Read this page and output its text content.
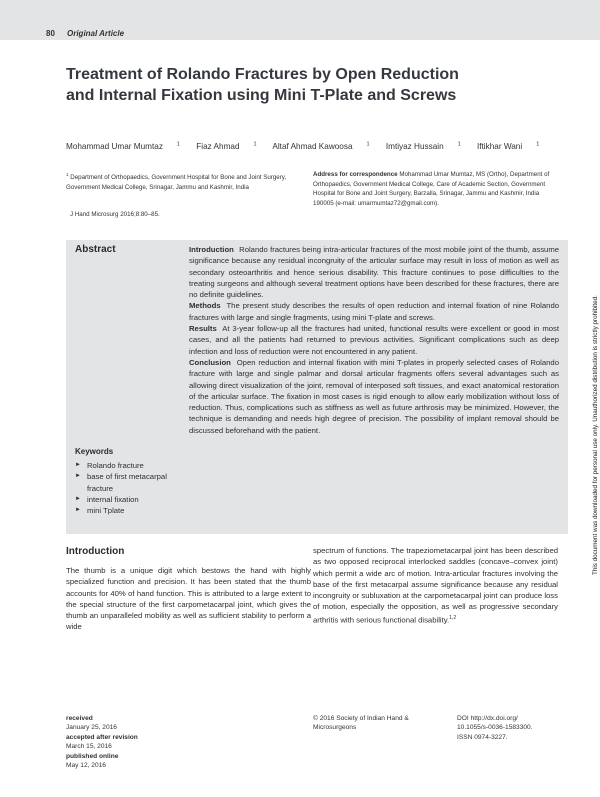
80 Original Article
Treatment of Rolando Fractures by Open Reduction and Internal Fixation using Mini T-Plate and Screws
Mohammad Umar Mumtaz	$^1$ Fiaz Ahmad	$^1$ Altaf Ahmad Kawoosa	$^1$ Imtiyaz Hussain	$^1$ Iftikhar Wani	$^1$
$^1$ Department of Orthopaedics, Government Hospital for Bone and Joint Surgery, Government Medical College, Srinagar, Jammu and Kashmir, India
J Hand Microsurg 2016;8:80–85.
Address for correspondence Mohammad Umar Mumtaz, MS (Ortho), Department of Orthopaedics, Government Medical College, Care of Academic Section, Government Hospital for Bone and Joint Surgery, Barzalla, Srinagar, Jammu and Kashmir, India 190005 (e-mail: umarmumtaz72@gmail.com).
Abstract	Introduction Rolando fractures being intra-articular fractures of the most mobile joint of the thumb, assume significance because any residual incongruity of the articular surface may result in loss of motion as well as secondary osteoarthritis and hence serious disability. This fracture continues to pose difficulties to the treating surgeons and although several treatment options have been described for these fractures, there are no definite guidelines.

Methods The present study describes the results of open reduction and internal fixation of nine Rolando fractures with large and single fragments, using mini T-plate and screws.

Results At 3-year follow-up all the fractures had united, functional results were excellent or good in most cases, and all the patients had returned to previous activities. Significant complications such as deep infection and loss of reduction were not encountered in any patient.

Conclusion Open reduction and internal fixation with mini T-plates in properly selected cases of Rolando fracture with large and single palmar and dorsal articular fragments offers several advantages such as allowing direct visualization of the joint, removal of interposed soft tissues, and exact anatomical restoration of the articular surface. The fixation in most cases is rigid enough to allow early mobilization without loss of reduction. Thus, complications such as stiffness as well as future arthrosis may be minimized. However, the technique is demanding and needs high degree of precision. The possibility of implant removal should be discussed beforehand with the patient.

Keywords
► Rolando fracture
► base of first metacarpal fracture
► internal fixation
► mini Tplate	This document was downloaded for personal use only. Unauthorized distribution is strictly prohibited.
Introduction
The thumb is a unique digit which bestows the hand with highly specialized function and precision. It has been stated that the thumb accounts for 40% of hand function. This is attributed to a large extent to the special structure of the first carpometacarpal joint, which gives the thumb an unparalleled mobility as well as sufficient stability to perform a wide
spectrum of functions. The trapeziometacarpal joint has been described as two opposed reciprocal interlocked saddles (concave–convex joint) which permit a wide arc of motion. Intra-articular fractures involving the base of the first metacarpal assume significance because any residual incongruity or subluxation at the carpometacarpal joint can produce loss of motion, especially the opposition, as well as progressive secondary arthritis with serious functional disability.$^{1,2}$
received
January 25, 2016
accepted after revision
March 15, 2016
published online
May 12, 2016
© 2016 Society of Indian Hand & Microsurgeons
DOI http://dx.doi.org/
10.1055/s-0036-1583300.
ISSN 0974-3227.
